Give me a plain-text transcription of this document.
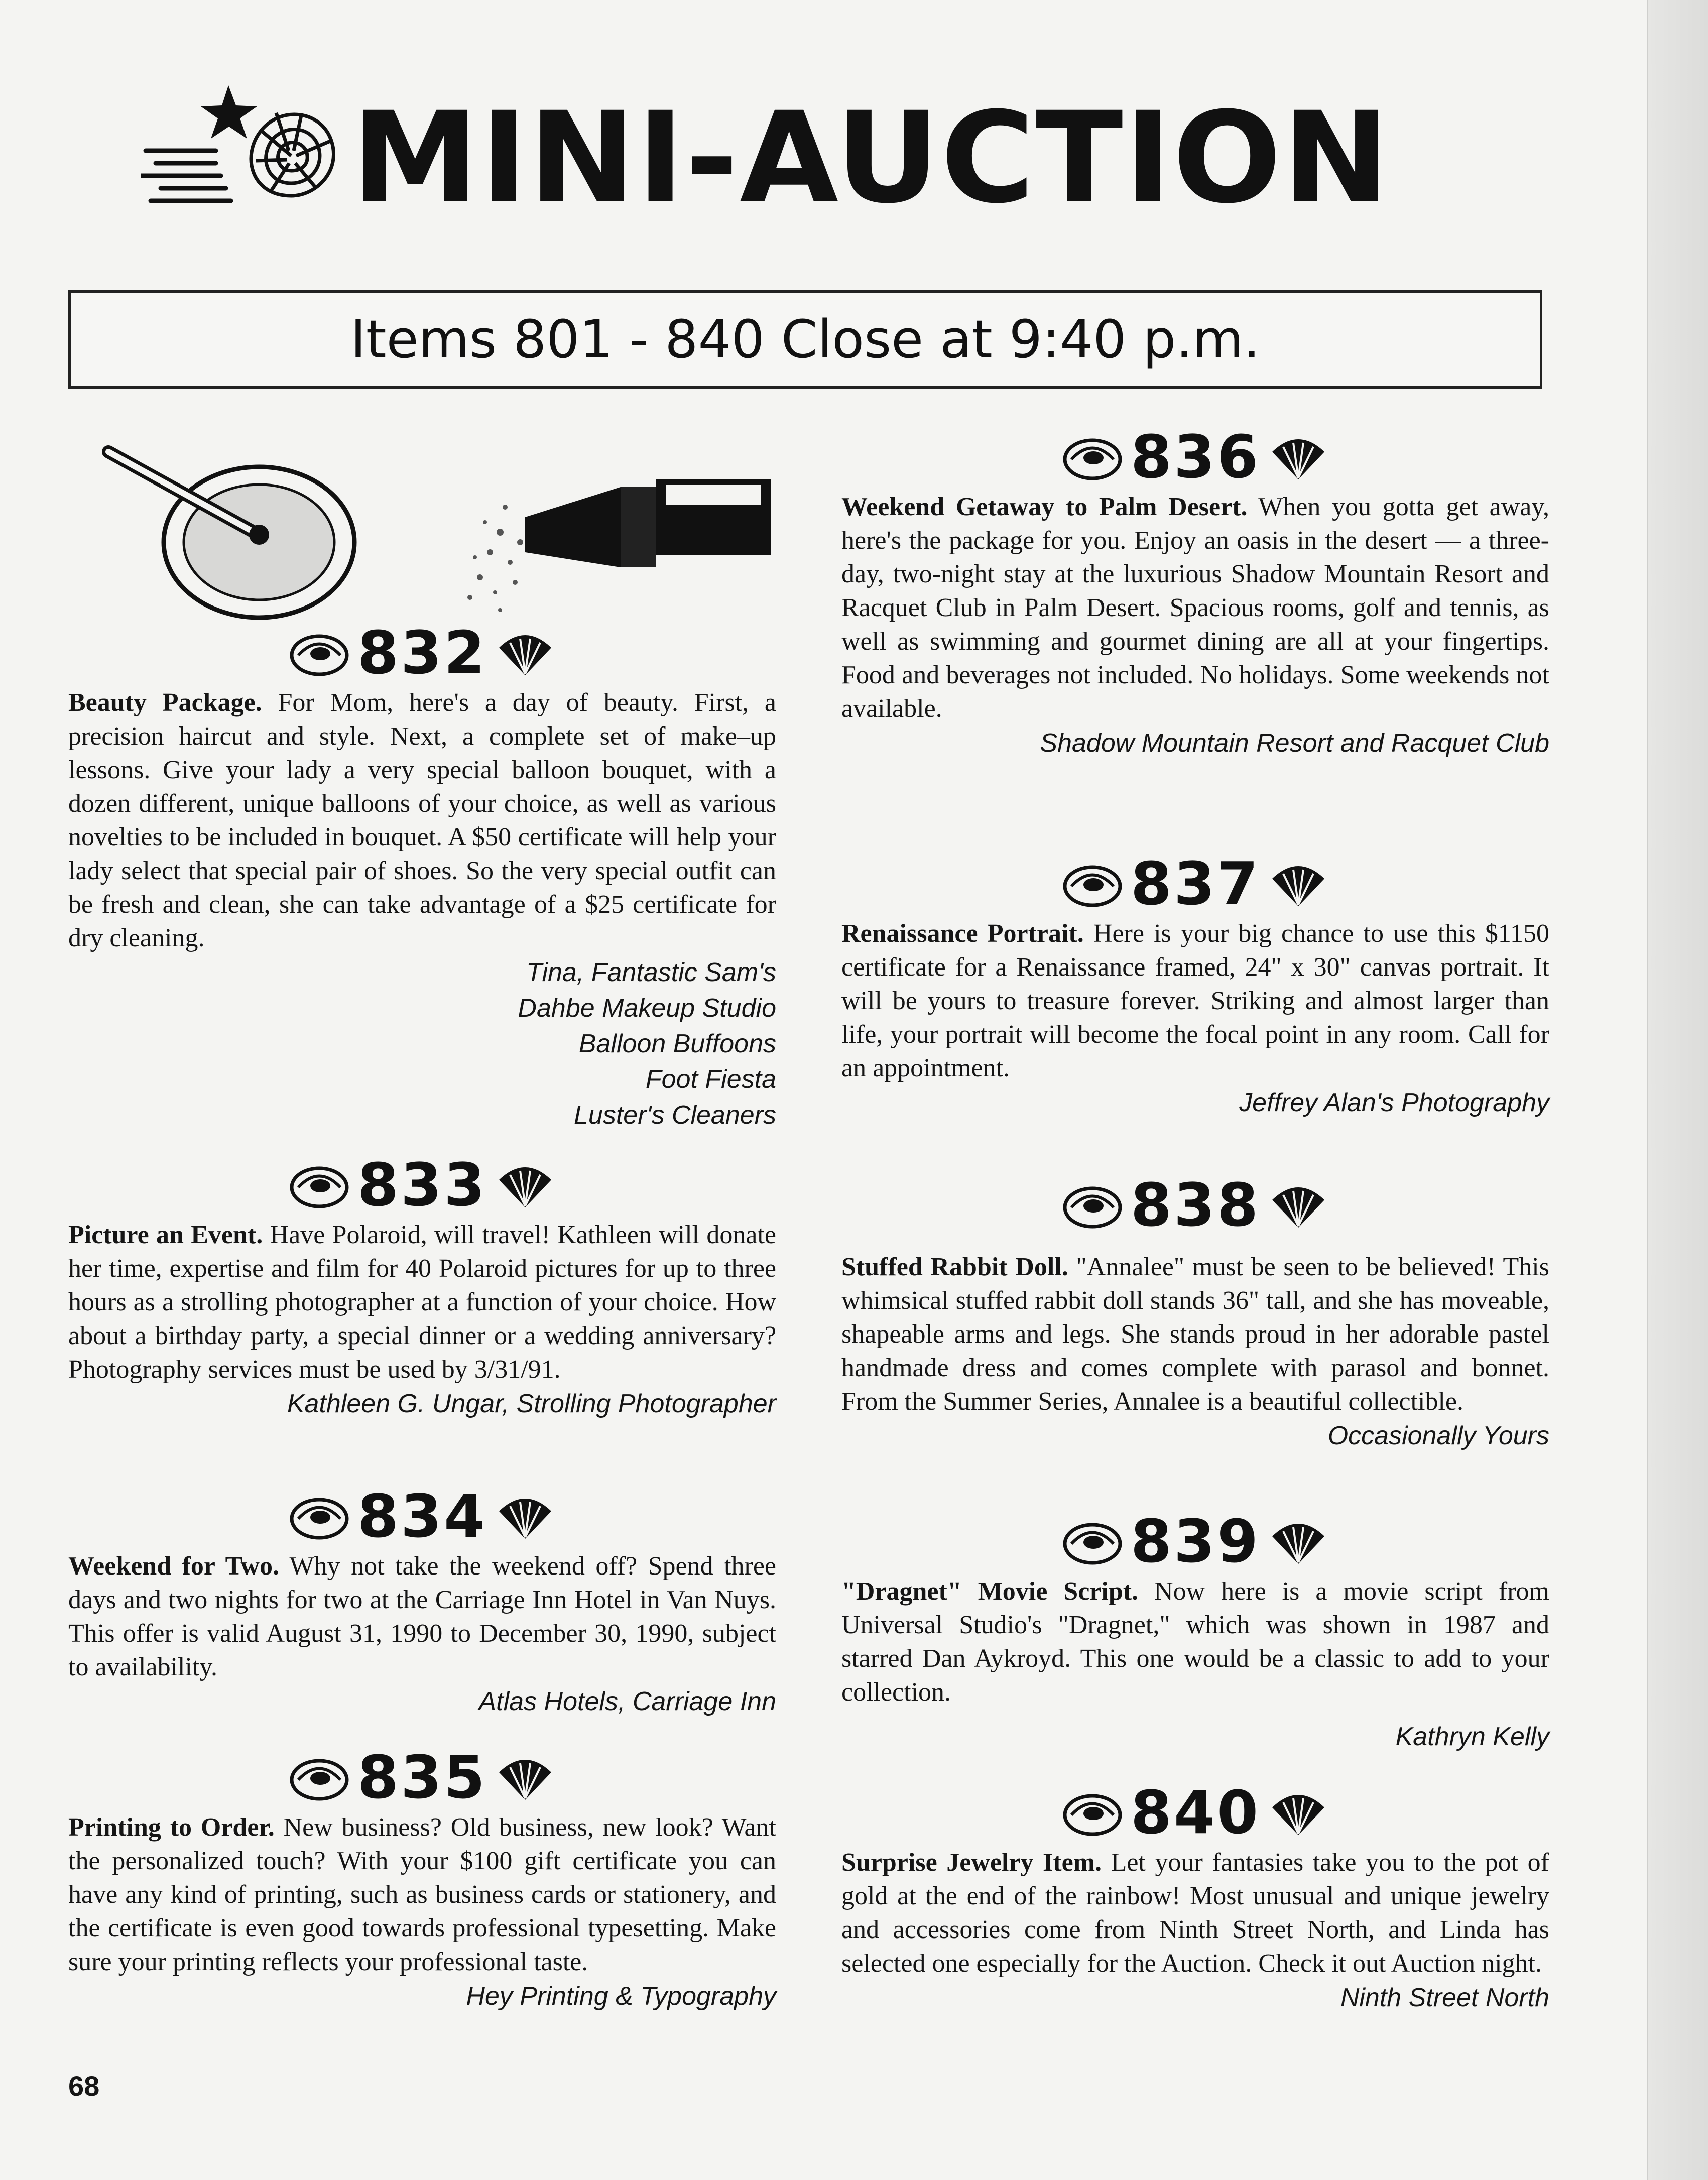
MINI-AUCTION
Items 801 - 840 Close at 9:40 p.m.
832

Beauty Package. For Mom, here's a day of beauty. First, a precision haircut and style. Next, a complete set of make–up lessons. Give your lady a very special balloon bouquet, with a dozen different, unique balloons of your choice, as well as various novelties to be included in bouquet. A $50 certificate will help your lady select that special pair of shoes. So the very special outfit can be fresh and clean, she can take advantage of a $25 certificate for dry cleaning.

Tina, Fantastic Sam's

Dahbe Makeup Studio

Balloon Buffoons

Foot Fiesta

Luster's Cleaners

833

Picture an Event. Have Polaroid, will travel! Kathleen will donate her time, expertise and film for 40 Polaroid pictures for up to three hours as a strolling photographer at a function of your choice. How about a birthday party, a special dinner or a wedding anniversary? Photography services must be used by 3/31/91.

Kathleen G. Ungar, Strolling Photographer

834

Weekend for Two. Why not take the weekend off? Spend three days and two nights for two at the Carriage Inn Hotel in Van Nuys. This offer is valid August 31, 1990 to December 30, 1990, subject to availability.

Atlas Hotels, Carriage Inn

835

Printing to Order. New business? Old business, new look? Want the personalized touch? With your $100 gift certificate you can have any kind of printing, such as business cards or stationery, and the certificate is even good towards professional typesetting. Make sure your printing reflects your professional taste.

Hey Printing & Typography

836

Weekend Getaway to Palm Desert. When you gotta get away, here's the package for you. Enjoy an oasis in the desert — a three-day, two-night stay at the luxurious Shadow Mountain Resort and Racquet Club in Palm Desert. Spacious rooms, golf and tennis, as well as swimming and gourmet dining are all at your fingertips. Food and beverages not included. No holidays. Some weekends not available.

Shadow Mountain Resort and Racquet Club

837

Renaissance Portrait. Here is your big chance to use this $1150 certificate for a Renaissance framed, 24" x 30" canvas portrait. It will be yours to treasure forever. Striking and almost larger than life, your portrait will become the focal point in any room. Call for an appointment.

Jeffrey Alan's Photography

838

Stuffed Rabbit Doll. "Annalee" must be seen to be believed! This whimsical stuffed rabbit doll stands 36" tall, and she has moveable, shapeable arms and legs. She stands proud in her adorable pastel handmade dress and comes complete with parasol and bonnet. From the Summer Series, Annalee is a beautiful collectible.

Occasionally Yours

839

"Dragnet" Movie Script. Now here is a movie script from Universal Studio's "Dragnet," which was shown in 1987 and starred Dan Aykroyd. This one would be a classic to add to your collection.

Kathryn Kelly

840

Surprise Jewelry Item. Let your fantasies take you to the pot of gold at the end of the rainbow! Most unusual and unique jewelry and accessories come from Ninth Street North, and Linda has selected one especially for the Auction. Check it out Auction night.

Ninth Street North

68
